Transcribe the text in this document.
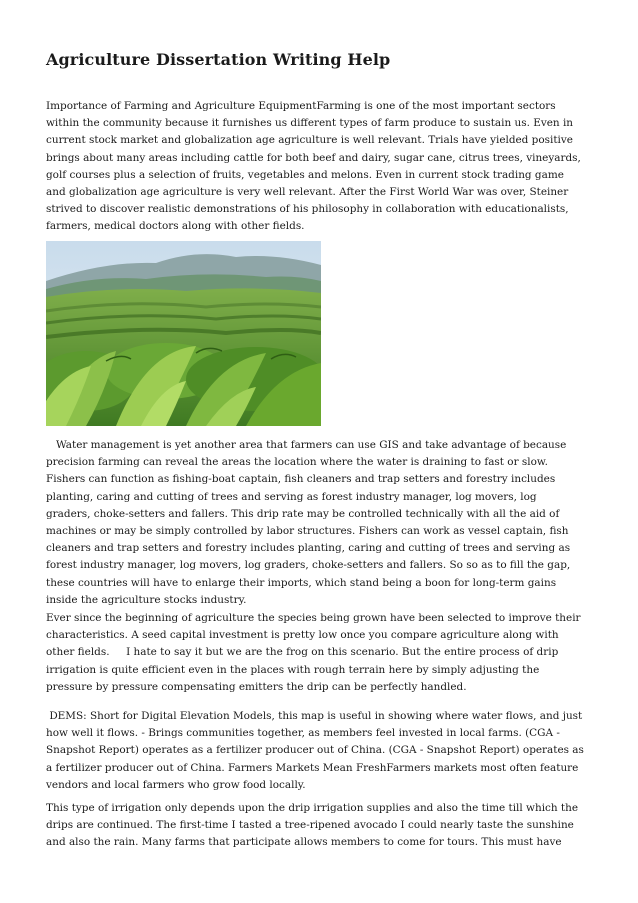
Agriculture Dissertation Writing Help

Importance of Farming and Agriculture EquipmentFarming is one of the most important sectors
within the community because it furnishes us different types of farm produce to sustain us. Even in
current stock market and globalization age agriculture is well relevant. Trials have yielded positive
brings about many areas including cattle for both beef and dairy, sugar cane, citrus trees, vineyards,
golf courses plus a selection of fruits, vegetables and melons. Even in current stock trading game
and globalization age agriculture is very well relevant. After the First World War was over, Steiner
strived to discover realistic demonstrations of his philosophy in collaboration with educationalists,
farmers, medical doctors along with other fields.

Water management is yet another area that farmers can use GIS and take advantage of because
precision farming can reveal the areas the location where the water is draining to fast or slow.
Fishers can function as fishing-boat captain, fish cleaners and trap setters and forestry includes
planting, caring and cutting of trees and serving as forest industry manager, log movers, log
graders, choke-setters and fallers. This drip rate may be controlled technically with all the aid of
machines or may be simply controlled by labor structures. Fishers can work as vessel captain, fish
cleaners and trap setters and forestry includes planting, caring and cutting of trees and serving as
forest industry manager, log movers, log graders, choke-setters and fallers. So so as to fill the gap,
these countries will have to enlarge their imports, which stand being a boon for long-term gains
inside the agriculture stocks industry.

Ever since the beginning of agriculture the species being grown have been selected to improve their
characteristics. A seed capital investment is pretty low once you compare agriculture along with
other fields.     I hate to say it but we are the frog on this scenario. But the entire process of drip
irrigation is quite efficient even in the places with rough terrain here by simply adjusting the
pressure by pressure compensating emitters the drip can be perfectly handled.

DEMS: Short for Digital Elevation Models, this map is useful in showing where water flows, and just
how well it flows. - Brings communities together, as members feel invested in local farms. (CGA -
Snapshot Report) operates as a fertilizer producer out of China. (CGA - Snapshot Report) operates as
a fertilizer producer out of China. Farmers Markets Mean FreshFarmers markets most often feature
vendors and local farmers who grow food locally.

This type of irrigation only depends upon the drip irrigation supplies and also the time till which the
drips are continued. The first-time I tasted a tree-ripened avocado I could nearly taste the sunshine
and also the rain. Many farms that participate allows members to come for tours. This must have
